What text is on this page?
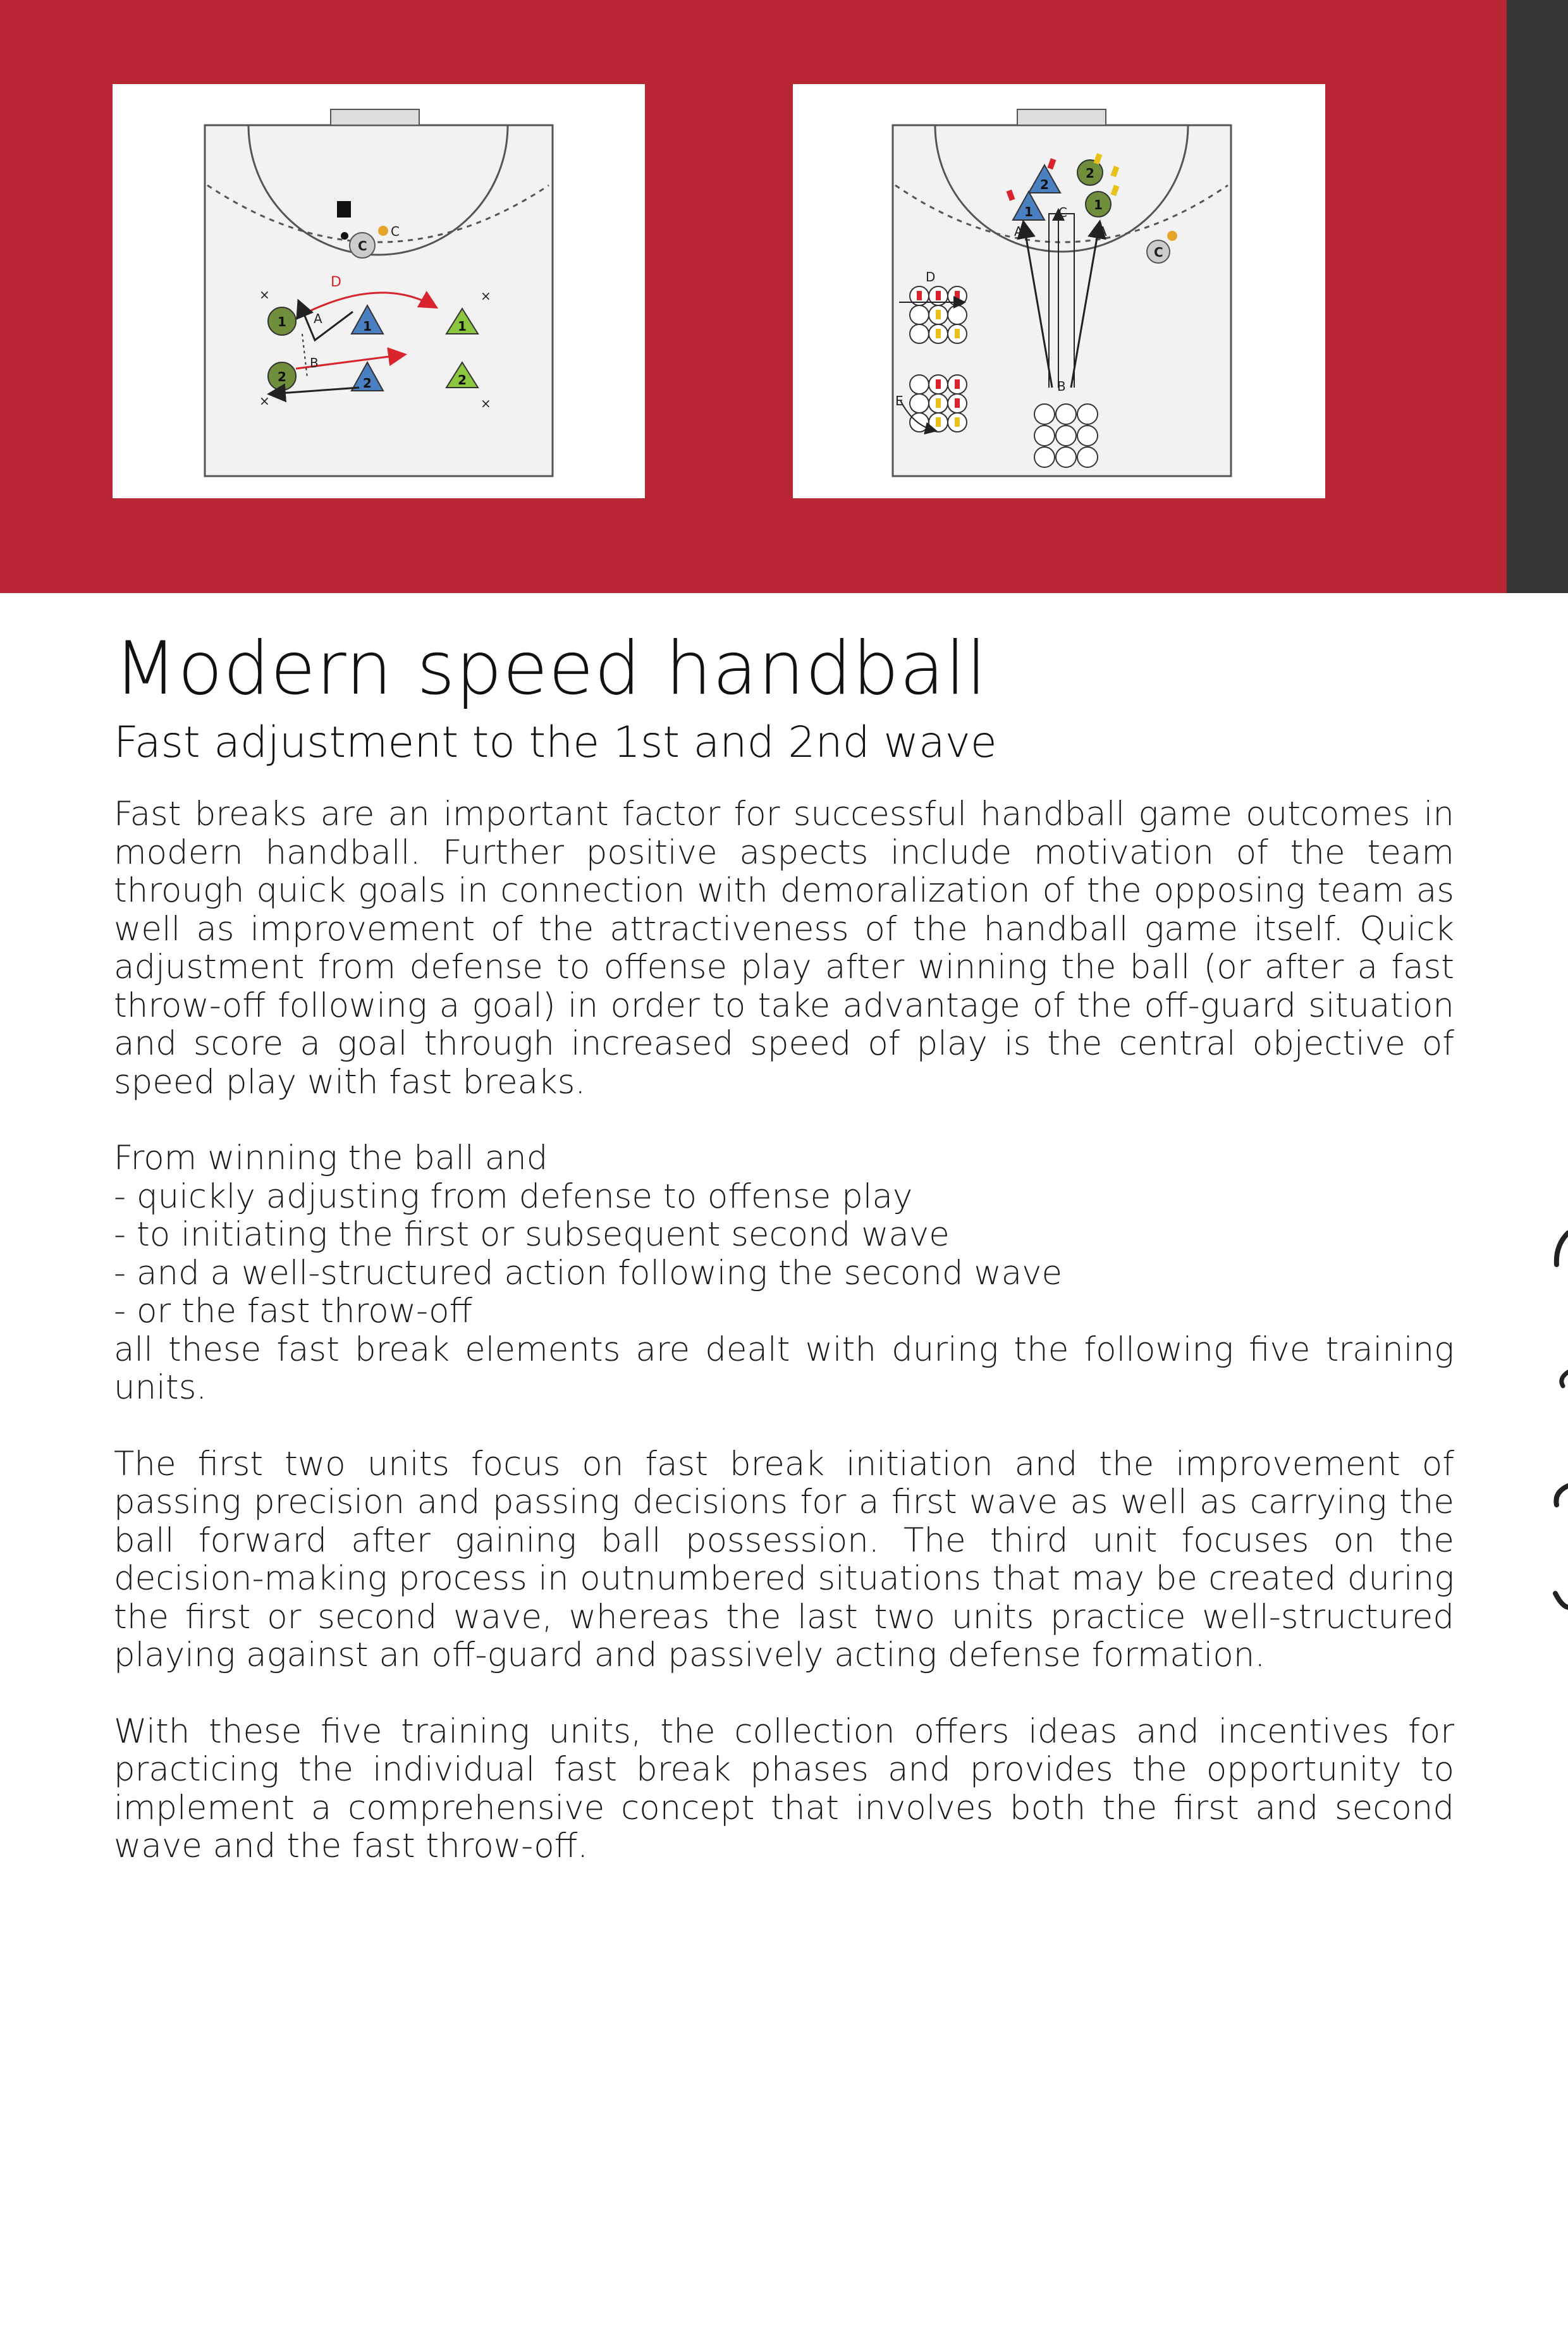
C
C
D
1
2
1
2
1
2
A
B
×	×
×	×
2
1
2
1
C
A	A
C
B
D
E
Modern speed handball
Fast adjustment to the 1st and 2nd wave

Fast breaks are an important factor for successful handball game outcomes in modern handball. Further positive aspects include motivation of the team through quick goals in connection with demoralization of the opposing team as well as improvement of the attractiveness of the handball game itself. Quick adjustment from defense to offense play after winning the ball (or after a fast throw-off following a goal) in order to take advantage of the off-guard situation and score a goal through increased speed of play is the central objective of speed play with fast breaks.

From winning the ball and
- quickly adjusting from defense to offense play
- to initiating the first or subsequent second wave
- and a well-structured action following the second wave
- or the fast throw-off
all these fast break elements are dealt with during the following five training units.

The first two units focus on fast break initiation and the improvement of passing precision and passing decisions for a first wave as well as carrying the ball forward after gaining ball possession. The third unit focuses on the decision-making process in outnumbered situations that may be created during the first or second wave, whereas the last two units practice well-structured playing against an off-guard and passively acting defense formation.

With these five training units, the collection offers ideas and incentives for practicing the individual fast break phases and provides the opportunity to implement a comprehensive concept that involves both the first and second wave and the fast throw-off.
